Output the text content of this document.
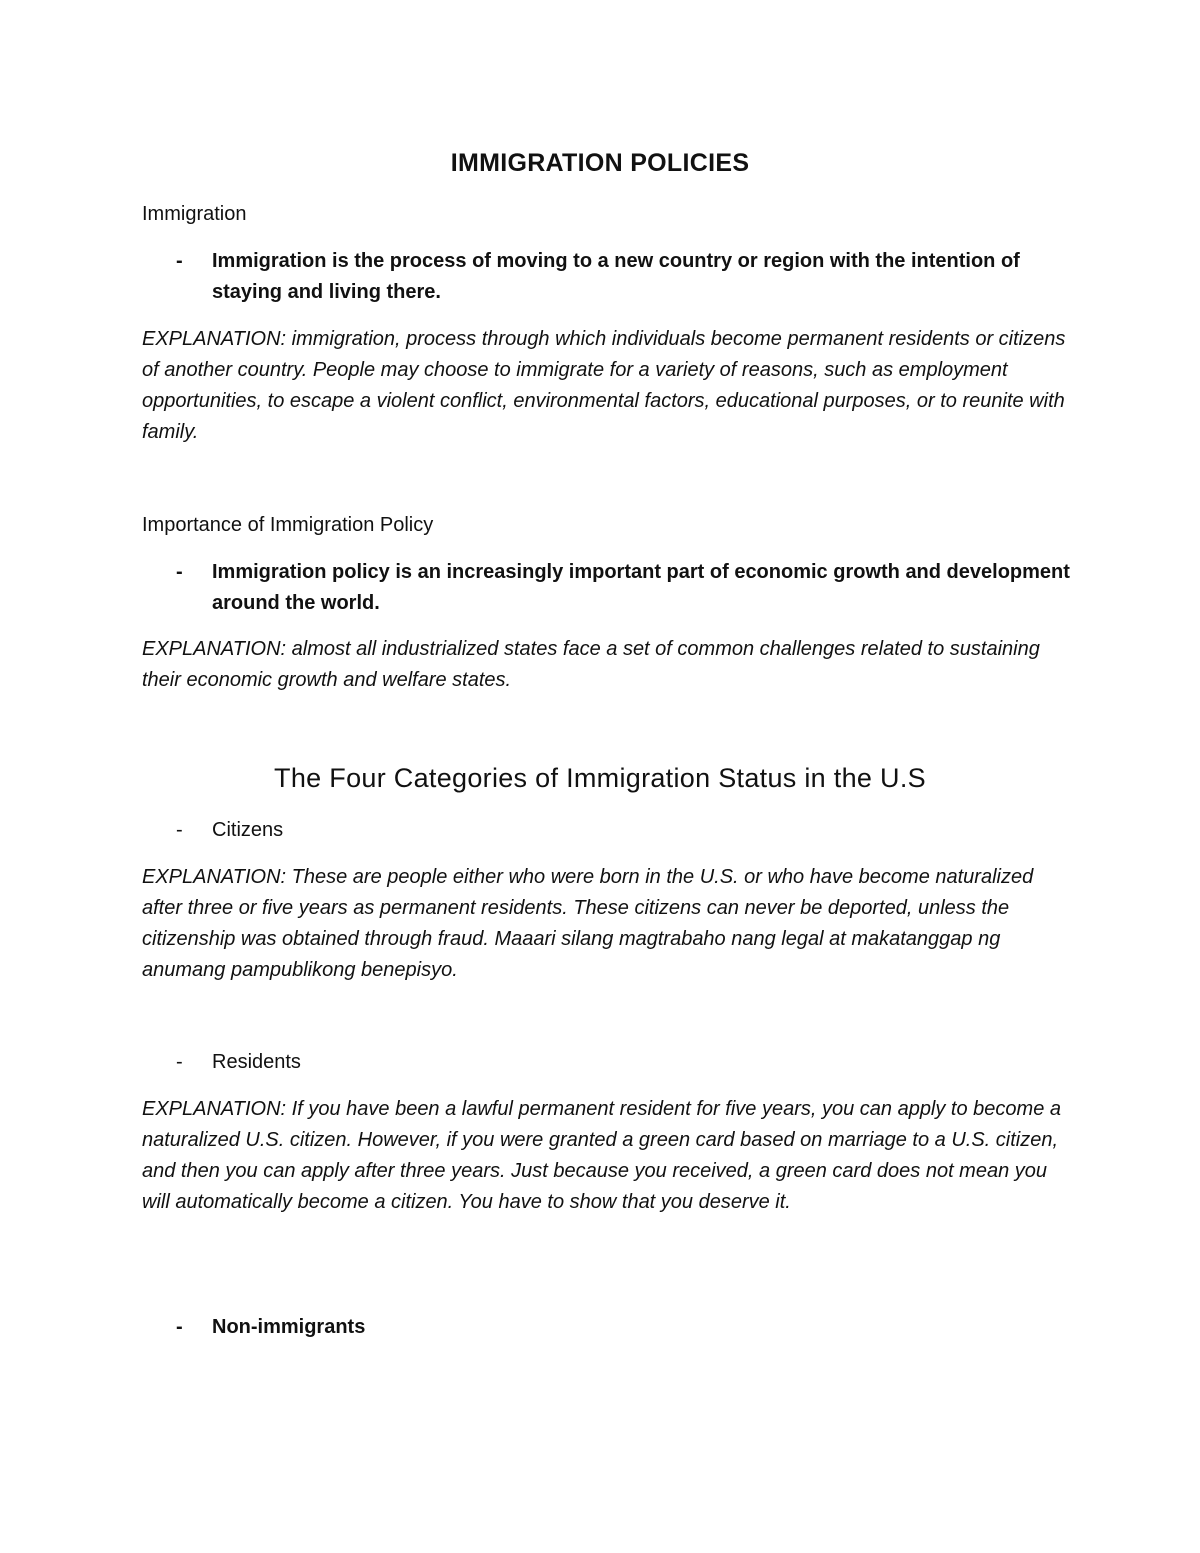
IMMIGRATION POLICIES
Immigration
- Immigration is the process of moving to a new country or region with the intention of staying and living there.

EXPLANATION: immigration, process through which individuals become permanent residents or citizens of another country. People may choose to immigrate for a variety of reasons, such as employment opportunities, to escape a violent conflict, environmental factors, educational purposes, or to reunite with family.

Importance of Immigration Policy
- Immigration policy is an increasingly important part of economic growth and development around the world.

EXPLANATION: almost all industrialized states face a set of common challenges related to sustaining their economic growth and welfare states.

The Four Categories of Immigration Status in the U.S
- Citizens

EXPLANATION: These are people either who were born in the U.S. or who have become naturalized after three or five years as permanent residents. These citizens can never be deported, unless the citizenship was obtained through fraud. Maaari silang magtrabaho nang legal at makatanggap ng anumang pampublikong benepisyo.

- Residents

EXPLANATION: If you have been a lawful permanent resident for five years, you can apply to become a naturalized U.S. citizen. However, if you were granted a green card based on marriage to a U.S. citizen, and then you can apply after three years. Just because you received, a green card does not mean you will automatically become a citizen. You have to show that you deserve it.

- Non-immigrants
